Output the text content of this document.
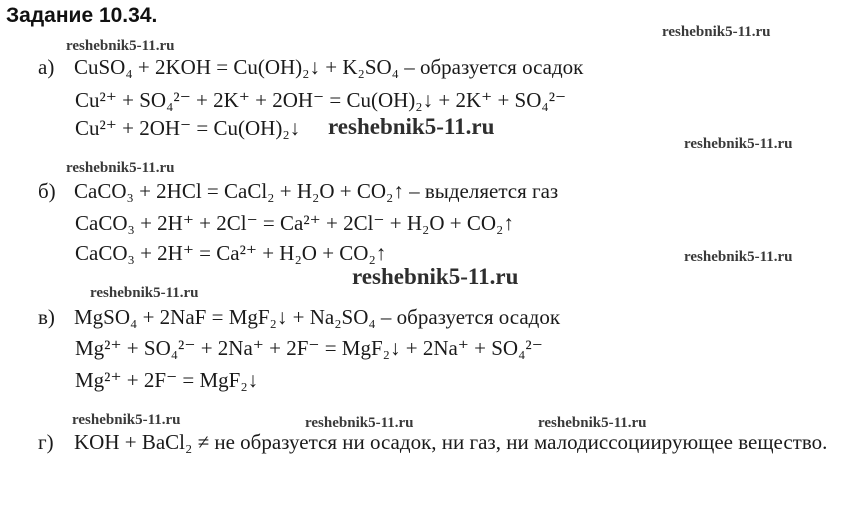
Задание 10.34.
reshebnik5-11.ru
reshebnik5-11.ru
reshebnik5-11.ru
reshebnik5-11.ru
reshebnik5-11.ru
reshebnik5-11.ru
reshebnik5-11.ru
reshebnik5-11.ru
reshebnik5-11.ru	reshebnik5-11.ru	reshebnik5-11.ru
а) CuSO₄ + 2KOH = Cu(OH)₂↓ + K₂SO₄ – образуется осадок
Cu²⁺ + SO₄²⁻ + 2K⁺ + 2OH⁻ = Cu(OH)₂↓ + 2K⁺ + SO₄²⁻
Cu²⁺ + 2OH⁻ = Cu(OH)₂↓
б) CaCO₃ + 2HCl = CaCl₂ + H₂O + CO₂↑ – выделяется газ
CaCO₃ + 2H⁺ + 2Cl⁻ = Ca²⁺ + 2Cl⁻ + H₂O + CO₂↑
CaCO₃ + 2H⁺ = Ca²⁺ + H₂O + CO₂↑
в) MgSO₄ + 2NaF = MgF₂↓ + Na₂SO₄ – образуется осадок
Mg²⁺ + SO₄²⁻ + 2Na⁺ + 2F⁻ = MgF₂↓ + 2Na⁺ + SO₄²⁻
Mg²⁺ + 2F⁻ = MgF₂↓
г) KOH + BaCl₂ ≠ не образуется ни осадок, ни газ, ни малодиссоциирующее вещество.
